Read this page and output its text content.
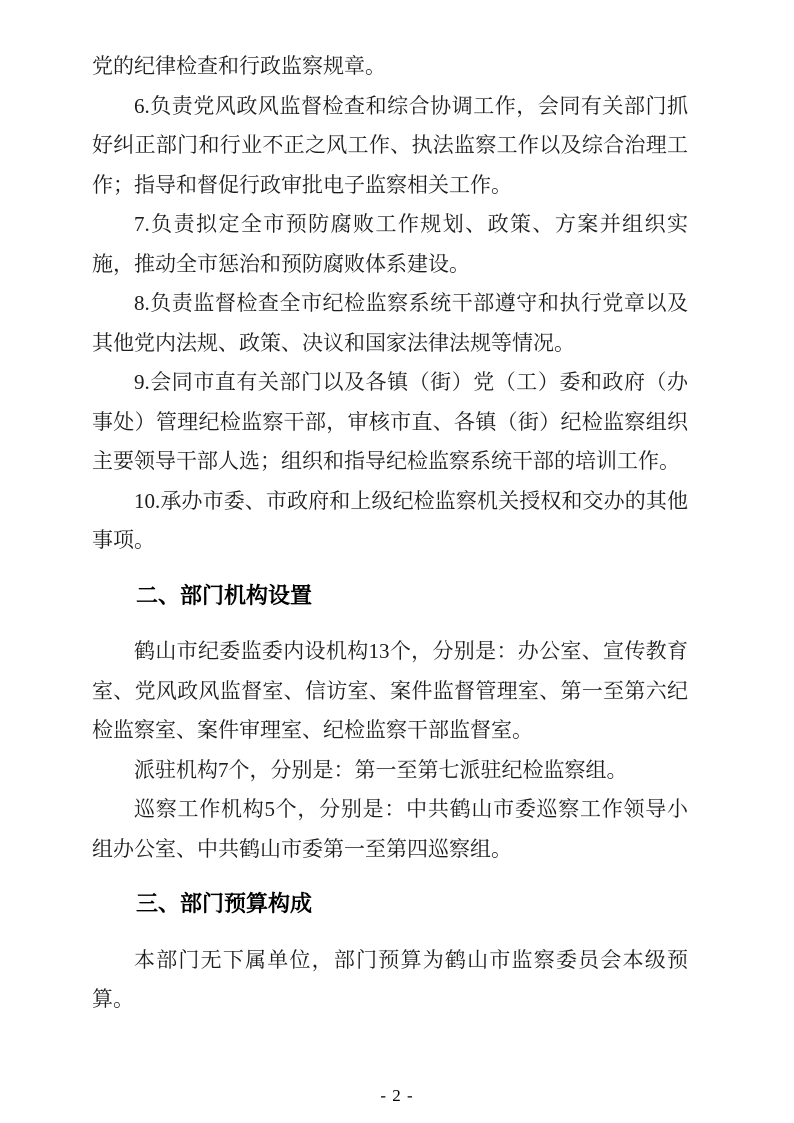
党的纪律检查和行政监察规章。

6.负责党风政风监督检查和综合协调工作，会同有关部门抓好纠正部门和行业不正之风工作、执法监察工作以及综合治理工作；指导和督促行政审批电子监察相关工作。

7.负责拟定全市预防腐败工作规划、政策、方案并组织实施，推动全市惩治和预防腐败体系建设。

8.负责监督检查全市纪检监察系统干部遵守和执行党章以及其他党内法规、政策、决议和国家法律法规等情况。

9.会同市直有关部门以及各镇（街）党（工）委和政府（办事处）管理纪检监察干部，审核市直、各镇（街）纪检监察组织主要领导干部人选；组织和指导纪检监察系统干部的培训工作。

10.承办市委、市政府和上级纪检监察机关授权和交办的其他事项。

二、部门机构设置

鹤山市纪委监委内设机构13个，分别是：办公室、宣传教育室、党风政风监督室、信访室、案件监督管理室、第一至第六纪检监察室、案件审理室、纪检监察干部监督室。

派驻机构7个，分别是：第一至第七派驻纪检监察组。

巡察工作机构5个，分别是：中共鹤山市委巡察工作领导小组办公室、中共鹤山市委第一至第四巡察组。

三、部门预算构成

本部门无下属单位，部门预算为鹤山市监察委员会本级预算。

- 2 -
